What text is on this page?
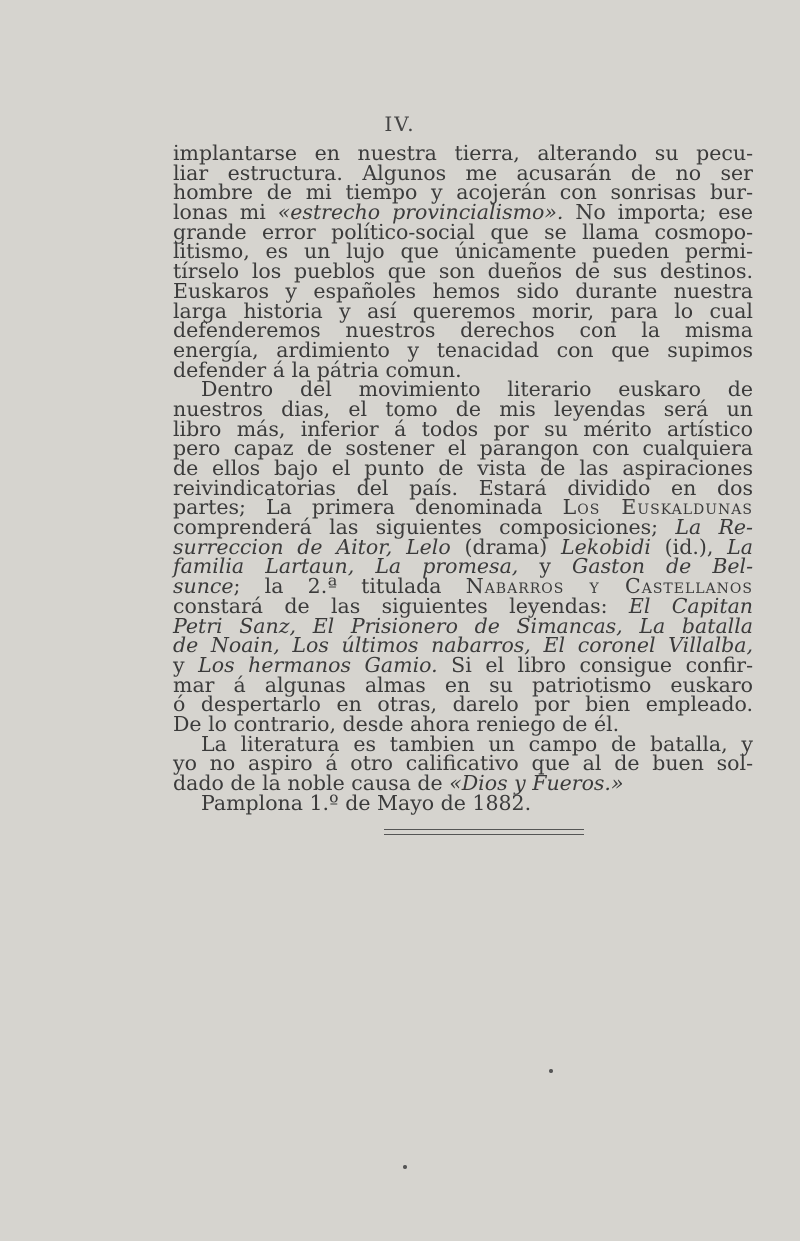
IV.
implantarse en nuestra tierra, alterando su pecu-
liar estructura. Algunos me acusarán de no ser
hombre de mi tiempo y acojerán con sonrisas bur-
lonas mi «estrecho provincialismo». No importa; ese
grande error político-social que se llama cosmopo-
litismo, es un lujo que únicamente pueden permi-
tírselo los pueblos que son dueños de sus destinos.
Euskaros y españoles hemos sido durante nuestra
larga historia y así queremos morir, para lo cual
defenderemos nuestros derechos con la misma
energía, ardimiento y tenacidad con que supimos
defender á la pátria comun.
Dentro del movimiento literario euskaro de
nuestros dias, el tomo de mis leyendas será un
libro más, inferior á todos por su mérito artístico
pero capaz de sostener el parangon con cualquiera
de ellos bajo el punto de vista de las aspiraciones
reivindicatorias del país. Estará dividido en dos
partes; La primera denominada Los Euskaldunas
comprenderá las siguientes composiciones; La Re-
surreccion de Aitor, Lelo (drama) Lekobidi (id.), La
familia Lartaun, La promesa, y Gaston de Bel-
sunce; la 2.ª titulada Nabarros y Castellanos
constará de las siguientes leyendas: El Capitan
Petri Sanz, El Prisionero de Simancas, La batalla
de Noain, Los últimos nabarros, El coronel Villalba,
y Los hermanos Gamio. Si el libro consigue confir-
mar á algunas almas en su patriotismo euskaro
ó despertarlo en otras, darelo por bien empleado.
De lo contrario, desde ahora reniego de él.
La literatura es tambien un campo de batalla, y
yo no aspiro á otro calificativo que al de buen sol-
dado de la noble causa de «Dios y Fueros.»
Pamplona 1.º de Mayo de 1882.
